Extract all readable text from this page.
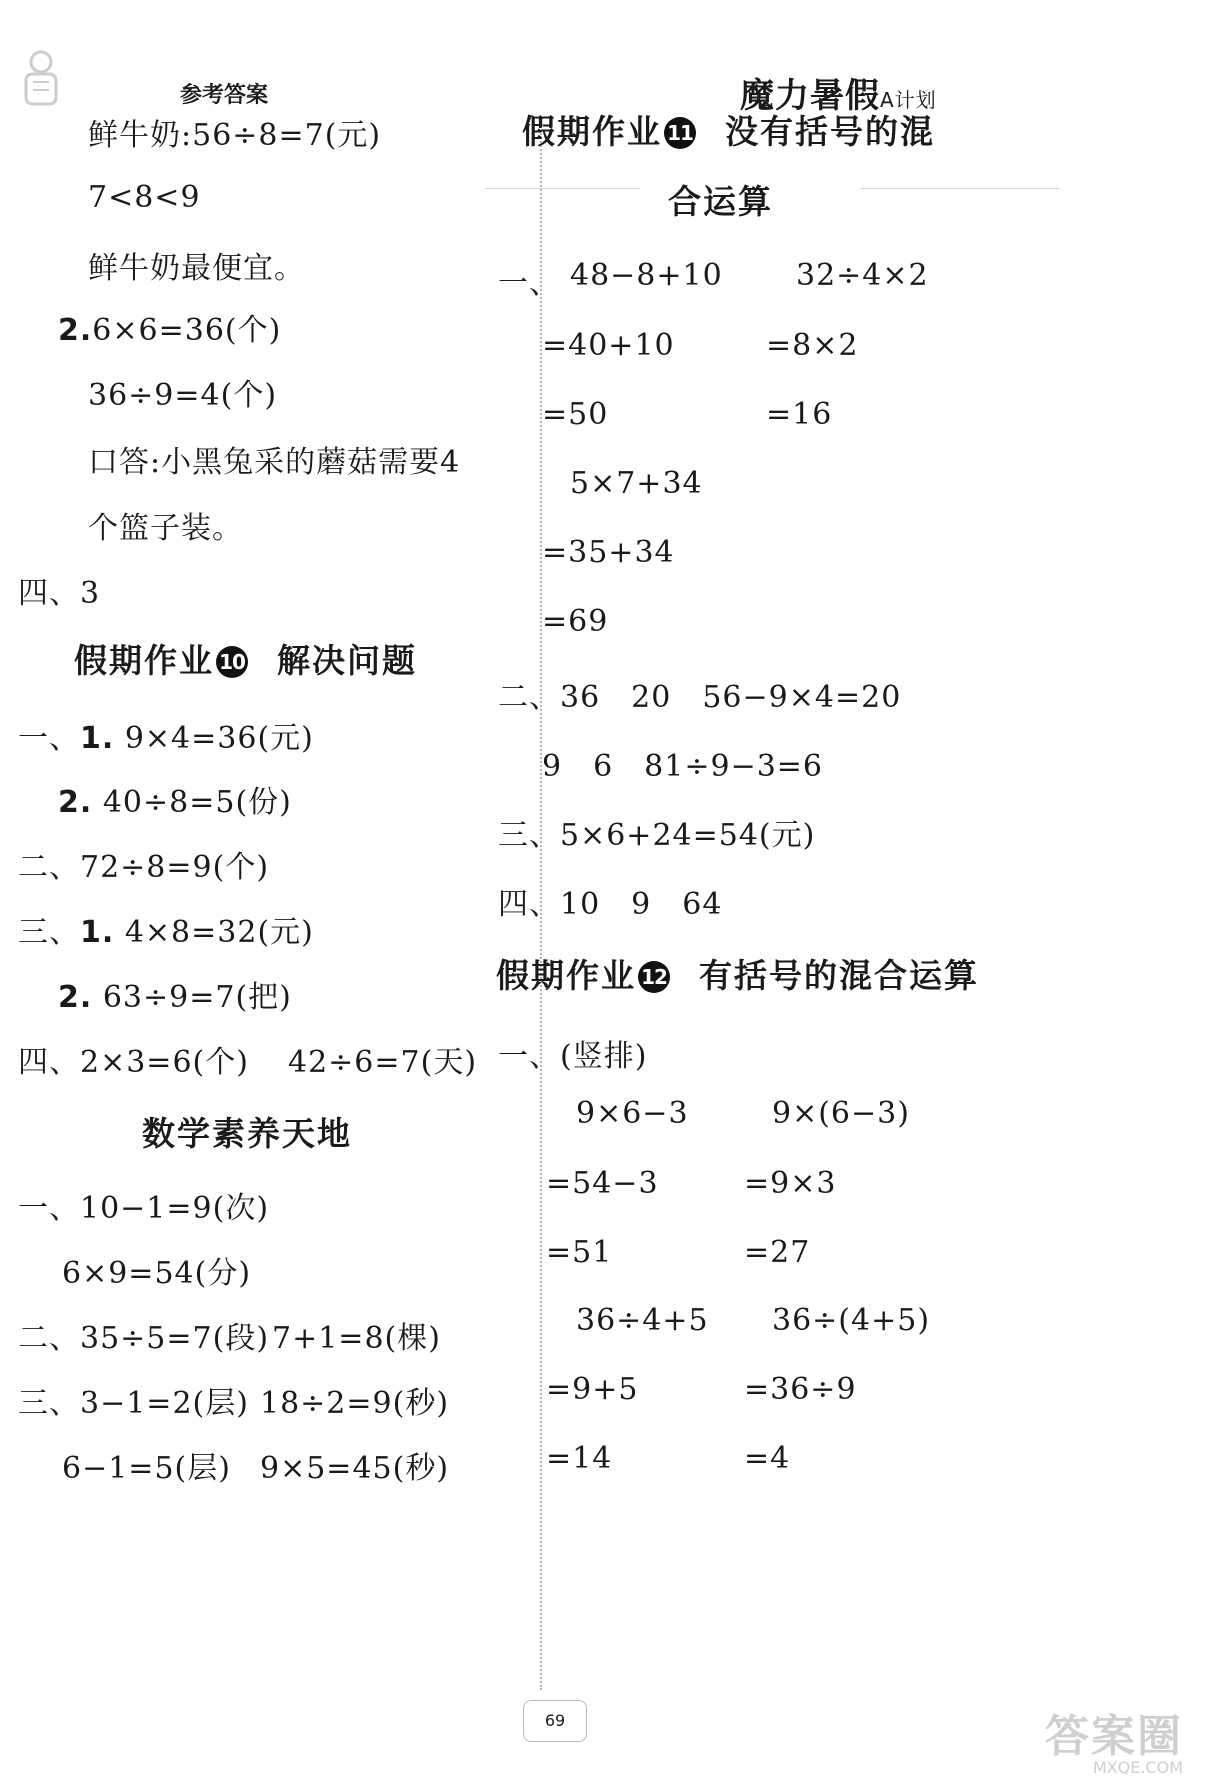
参考答案	魔力暑假A计划
鲜牛奶:56÷8=7(元)
7<8<9
鲜牛奶最便宜。
2.6×6=36(个)
36÷9=4(个)
口答:小黑兔采的蘑菇需要4
个篮子装。
四、3
假期作业 10 解决问题
一、1. 9×4=36(元)
2. 40÷8=5(份)
二、72÷8=9(个)
三、1. 4×8=32(元)
2. 63÷9=7(把)
四、2×3=6(个) 42÷6=7(天)
数学素养天地
一、10−1=9(次)
6×9=54(分)
二、35÷5=7(段) 7+1=8(棵)
三、3−1=2(层) 18÷2=9(秒)
6−1=5(层) 9×5=45(秒)
假期作业 11 没有括号的混
合运算
一、 48−8+10 32÷4×2
=40+10	=8×2
=50	=16
5×7+34
=35+34
=69
二、36　20　56−9×4=20
9　6　81÷9−3=6
三、5×6+24=54(元)
四、10　9　64
假期作业 12 有括号的混合运算
一、(竖排)
9×6−3	9×(6−3)
=54−3	=9×3
=51	=27
36÷4+5 36÷(4+5)
=9+5	=36÷9
=14	=4
69	答案圈
MXQE.COM
